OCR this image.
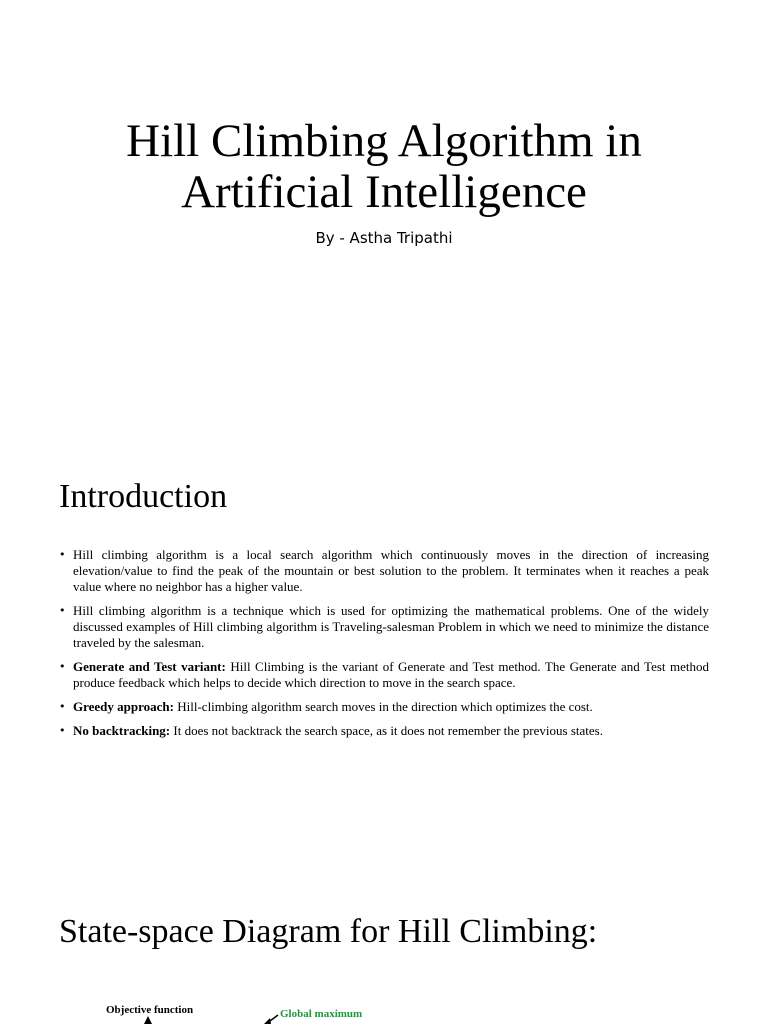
Hill Climbing Algorithm in
Artificial Intelligence
By - Astha Tripathi
Introduction
• Hill climbing algorithm is a local search algorithm which continuously moves in the direction of increasing elevation/value to find the peak of the mountain or best solution to the problem. It terminates when it reaches a peak value where no neighbor has a higher value.
• Hill climbing algorithm is a technique which is used for optimizing the mathematical problems. One of the widely discussed examples of Hill climbing algorithm is Traveling-salesman Problem in which we need to minimize the distance traveled by the salesman.
• Generate and Test variant: Hill Climbing is the variant of Generate and Test method. The Generate and Test method produce feedback which helps to decide which direction to move in the search space.
• Greedy approach: Hill-climbing algorithm search moves in the direction which optimizes the cost.
• No backtracking: It does not backtrack the search space, as it does not remember the previous states.
State-space Diagram for Hill Climbing:
Objective function	Global maximum
